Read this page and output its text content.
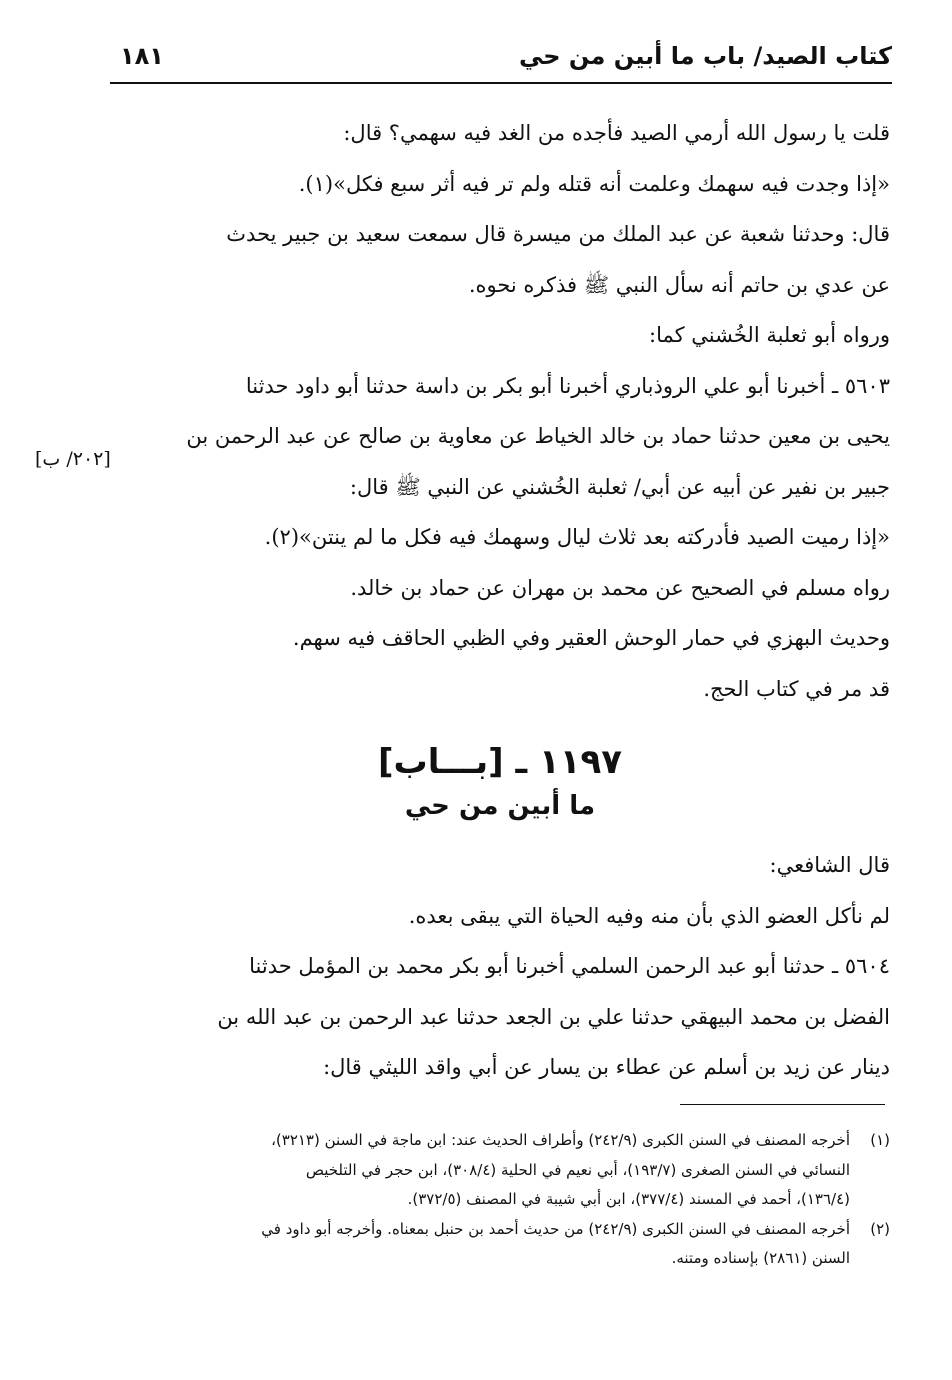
كتاب الصيد/ باب ما أبين من حي
١٨١
قلت يا رسول الله أرمي الصيد فأجده من الغد فيه سهمي؟ قال:
«إذا وجدت فيه سهمك وعلمت أنه قتله ولم تر فيه أثر سبع فكل»(١).
قال: وحدثنا شعبة عن عبد الملك من ميسرة قال سمعت سعيد بن جبير يحدث
عن عدي بن حاتم أنه سأل النبي ﷺ فذكره نحوه.
ورواه أبو ثعلبة الخُشني كما:
٥٦٠٣ ـ أخبرنا أبو علي الروذباري أخبرنا أبو بكر بن داسة حدثنا أبو داود حدثنا
يحيى بن معين حدثنا حماد بن خالد الخياط عن معاوية بن صالح عن عبد الرحمن بن
جبير بن نفير عن أبيه عن أبي/ ثعلبة الخُشني عن النبي ﷺ قال:
«إذا رميت الصيد فأدركته بعد ثلاث ليال وسهمك فيه فكل ما لم ينتن»(٢).
رواه مسلم في الصحيح عن محمد بن مهران عن حماد بن خالد.
وحديث البهزي في حمار الوحش العقير وفي الظبي الحاقف فيه سهم.
قد مر في كتاب الحج.
[٢٠٢/ ب]
١١٩٧ ـ [بـــاب]
ما أبين من حي
قال الشافعي:
لم نأكل العضو الذي بأن منه وفيه الحياة التي يبقى بعده.
٥٦٠٤ ـ حدثنا أبو عبد الرحمن السلمي أخبرنا أبو بكر محمد بن المؤمل حدثنا
الفضل بن محمد البيهقي حدثنا علي بن الجعد حدثنا عبد الرحمن بن عبد الله بن
دينار عن زيد بن أسلم عن عطاء بن يسار عن أبي واقد الليثي قال:
(١)
أخرجه المصنف في السنن الكبرى (٢٤٢/٩) وأطراف الحديث عند: ابن ماجة في السنن (٣٢١٣)،
النسائي في السنن الصغرى (١٩٣/٧)، أبي نعيم في الحلية (٣٠٨/٤)، ابن حجر في التلخيص
(١٣٦/٤)، أحمد في المسند (٣٧٧/٤)، ابن أبي شيبة في المصنف (٣٧٢/٥).
(٢)
أخرجه المصنف في السنن الكبرى (٢٤٢/٩) من حديث أحمد بن حنبل بمعناه. وأخرجه أبو داود في
السنن (٢٨٦١) بإسناده ومتنه.
